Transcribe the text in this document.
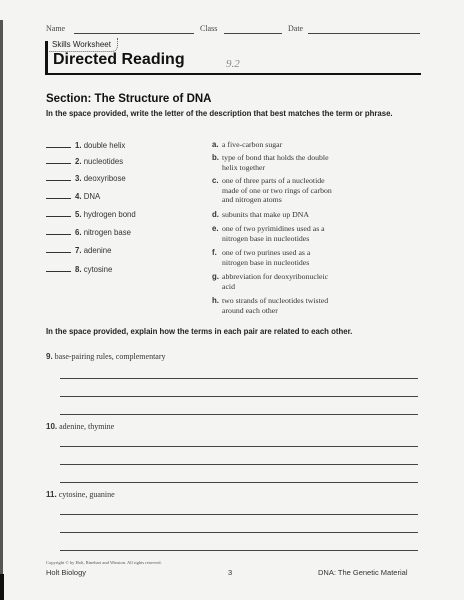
Name	Class	Date
Skills Worksheet
Directed Reading	9.2
Section: The Structure of DNA
In the space provided, write the letter of the description that best matches the term or phrase.
1. double helix
2. nucleotides
3. deoxyribose
4. DNA
5. hydrogen bond
6. nitrogen base
7. adenine
8. cytosine
a. a five-carbon sugar
b. type of bond that holds the double
helix together
c. one of three parts of a nucleotide
made of one or two rings of carbon
and nitrogen atoms
d. subunits that make up DNA
e. one of two pyrimidines used as a
nitrogen base in nucleotides
f. one of two purines used as a
nitrogen base in nucleotides
g. abbreviation for deoxyribonucleic
acid
h. two strands of nucleotides twisted
around each other
In the space provided, explain how the terms in each pair are related to each other.
9. base-pairing rules, complementary
10. adenine, thymine
11. cytosine, guanine
Copyright © by Holt, Rinehart and Winston. All rights reserved.
Holt Biology	3	DNA: The Genetic Material
